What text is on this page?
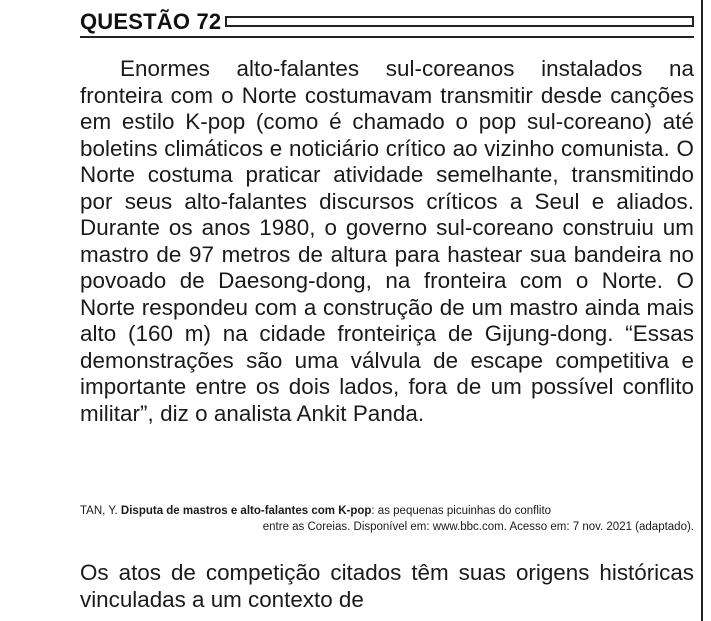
QUESTÃO 72

Enormes alto-falantes sul-coreanos instalados na fronteira com o Norte costumavam transmitir desde canções em estilo K-pop (como é chamado o pop sul-coreano) até boletins climáticos e noticiário crítico ao vizinho comunista. O Norte costuma praticar atividade semelhante, transmitindo por seus alto-falantes discursos críticos a Seul e aliados. Durante os anos 1980, o governo sul-coreano construiu um mastro de 97 metros de altura para hastear sua bandeira no povoado de Daesong-dong, na fronteira com o Norte. O Norte respondeu com a construção de um mastro ainda mais alto (160 m) na cidade fronteiriça de Gijung-dong. “Essas demonstrações são uma válvula de escape competitiva e importante entre os dois lados, fora de um possível conflito militar”, diz o analista Ankit Panda.

TAN, Y. Disputa de mastros e alto-falantes com K-pop: as pequenas picuinhas do conflito
entre as Coreias. Disponível em: www.bbc.com. Acesso em: 7 nov. 2021 (adaptado).

Os atos de competição citados têm suas origens históricas vinculadas a um contexto de
